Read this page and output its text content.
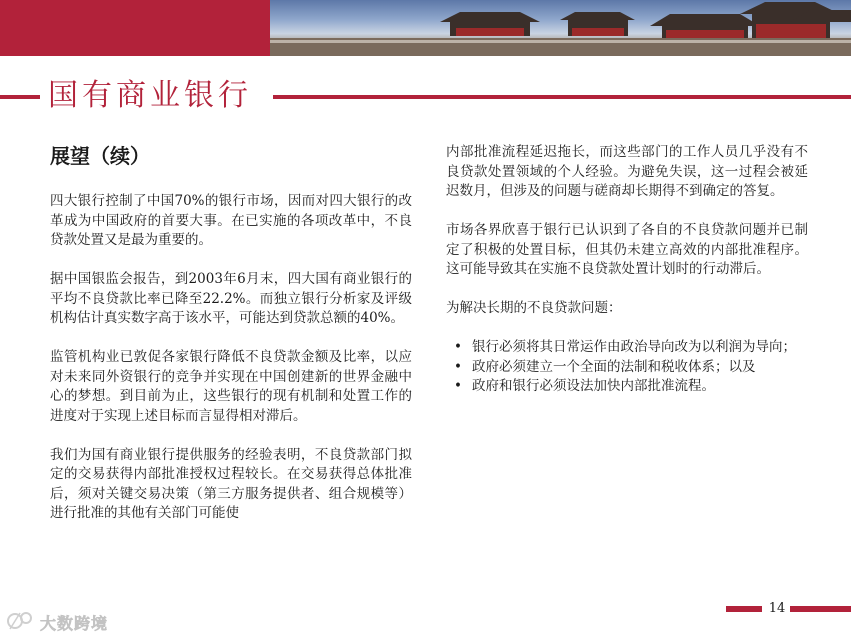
国有商业银行
展望（续）

四大银行控制了中国70%的银行市场，因而对四大银行的改革成为中国政府的首要大事。在已实施的各项改革中，不良贷款处置又是最为重要的。

据中国银监会报告，到2003年6月末，四大国有商业银行的平均不良贷款比率已降至22.2%。而独立银行分析家及评级机构估计真实数字高于该水平，可能达到贷款总额的40%。

监管机构业已敦促各家银行降低不良贷款金额及比率，以应对未来同外资银行的竞争并实现在中国创建新的世界金融中心的梦想。到目前为止，这些银行的现有机制和处置工作的进度对于实现上述目标而言显得相对滞后。

我们为国有商业银行提供服务的经验表明，不良贷款部门拟定的交易获得内部批准授权过程较长。在交易获得总体批准后，须对关键交易决策（第三方服务提供者、组合规模等）进行批准的其他有关部门可能使

内部批准流程延迟拖长，而这些部门的工作人员几乎没有不良贷款处置领域的个人经验。为避免失误，这一过程会被延迟数月，但涉及的问题与磋商却长期得不到确定的答复。

市场各界欣喜于银行已认识到了各自的不良贷款问题并已制定了积极的处置目标，但其仍未建立高效的内部批准程序。这可能导致其在实施不良贷款处置计划时的行动滞后。

为解决长期的不良贷款问题：

• 银行必须将其日常运作由政治导向改为以利润为导向；
• 政府必须建立一个全面的法制和税收体系；以及
• 政府和银行必须设法加快内部批准流程。
14
大数跨境
